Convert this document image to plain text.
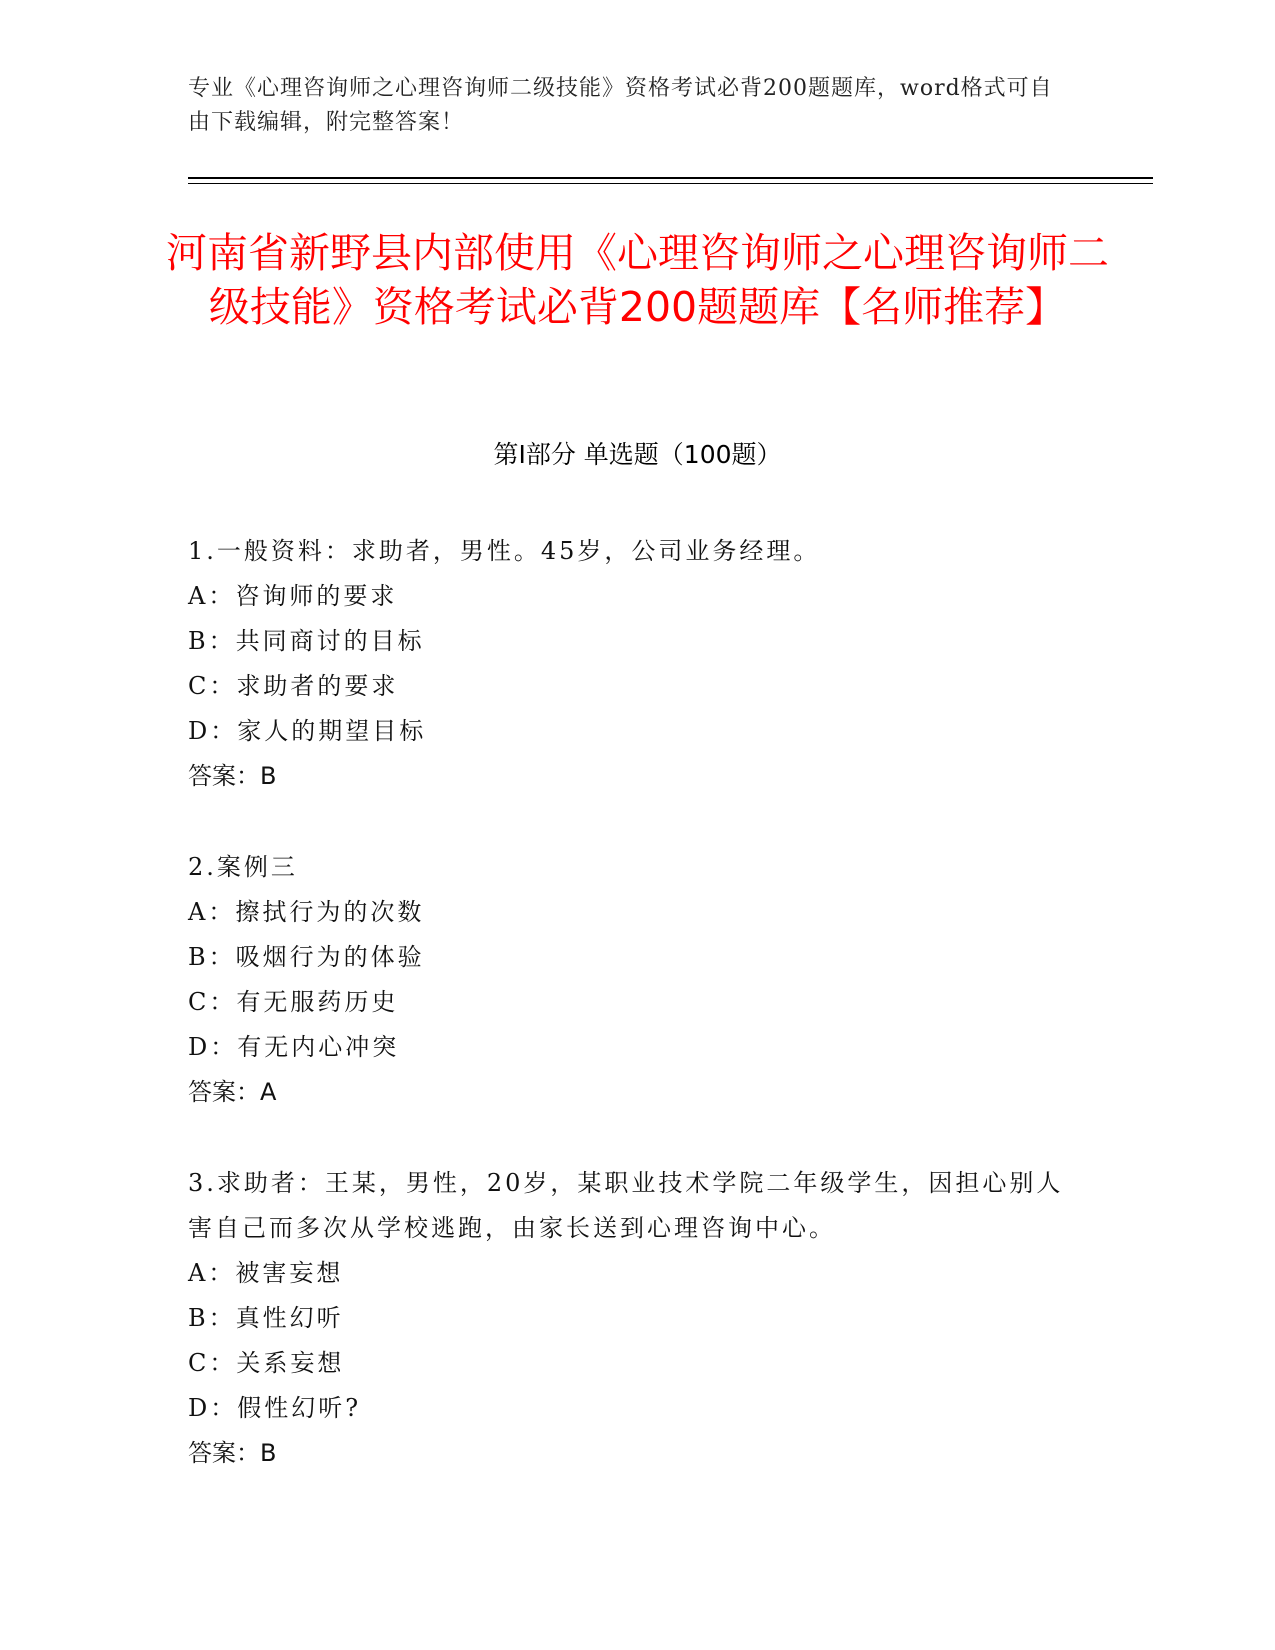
专业《心理咨询师之心理咨询师二级技能》资格考试必背200题题库，word格式可自由下载编辑，附完整答案！
河南省新野县内部使用《心理咨询师之心理咨询师二级技能》资格考试必背200题题库【名师推荐】
第Ⅰ部分 单选题（100题）
1.一般资料：求助者，男性。45岁，公司业务经理。
A：咨询师的要求
B：共同商讨的目标
C：求助者的要求
D：家人的期望目标
答案：B
2.案例三
A：擦拭行为的次数
B：吸烟行为的体验
C：有无服药历史
D：有无内心冲突
答案：A
3.求助者：王某，男性，20岁，某职业技术学院二年级学生，因担心别人害自己而多次从学校逃跑，由家长送到心理咨询中心。
A：被害妄想
B：真性幻听
C：关系妄想
D：假性幻听?
答案：B
